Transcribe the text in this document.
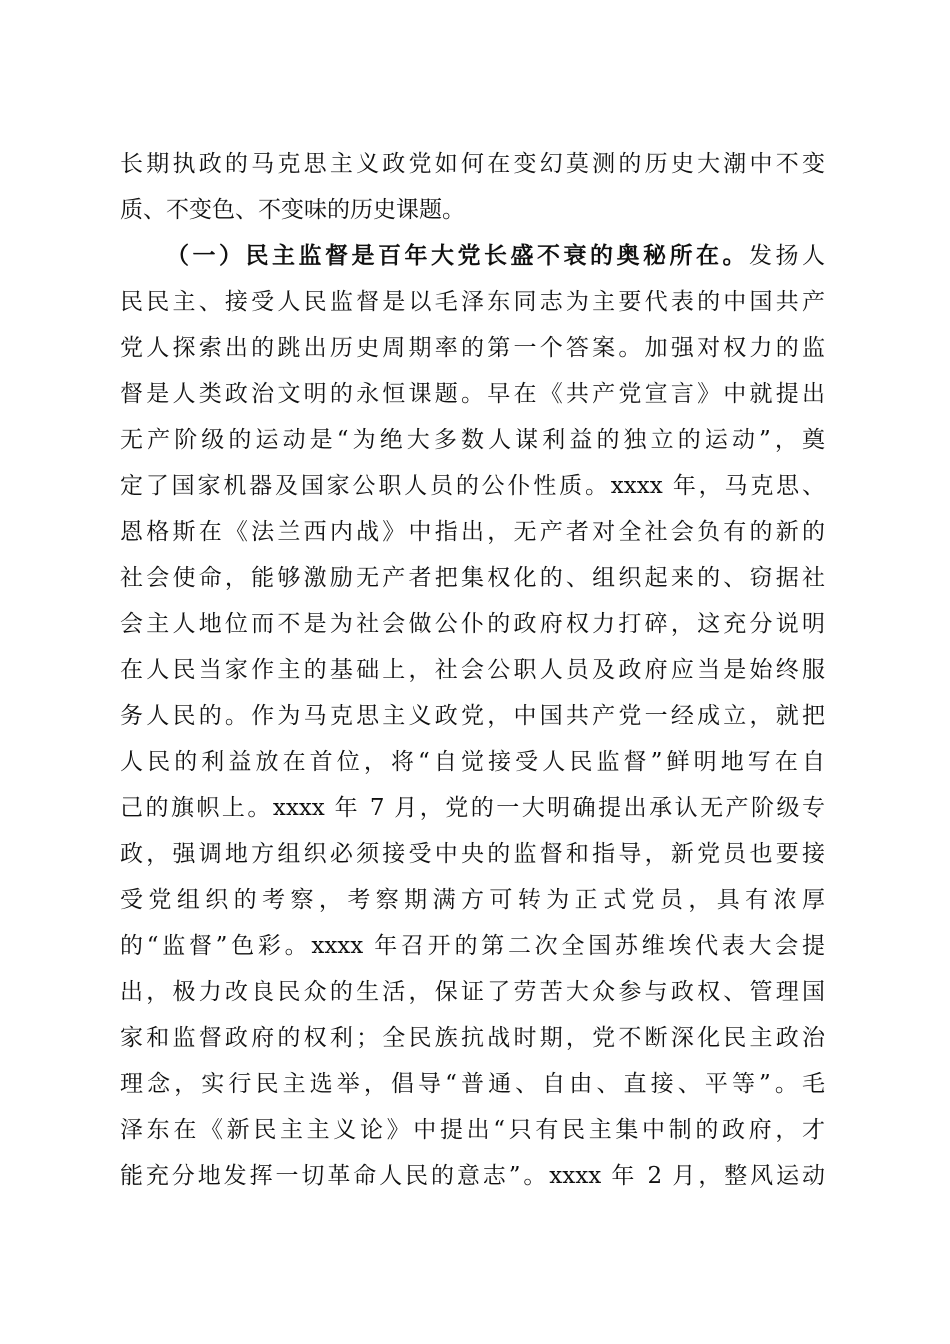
长期执政的马克思主义政党如何在变幻莫测的历史大潮中不变
质、不变色、不变味的历史课题。
（一）民主监督是百年大党长盛不衰的奥秘所在。发扬人
民民主、接受人民监督是以毛泽东同志为主要代表的中国共产
党人探索出的跳出历史周期率的第一个答案。加强对权力的监
督是人类政治文明的永恒课题。早在《共产党宣言》中就提出
无产阶级的运动是“为绝大多数人谋利益的独立的运动”，奠
定了国家机器及国家公职人员的公仆性质。xxxx 年，马克思、
恩格斯在《法兰西内战》中指出，无产者对全社会负有的新的
社会使命，能够激励无产者把集权化的、组织起来的、窃据社
会主人地位而不是为社会做公仆的政府权力打碎，这充分说明
在人民当家作主的基础上，社会公职人员及政府应当是始终服
务人民的。作为马克思主义政党，中国共产党一经成立，就把
人民的利益放在首位，将“自觉接受人民监督”鲜明地写在自
己的旗帜上。xxxx 年 7 月，党的一大明确提出承认无产阶级专
政，强调地方组织必须接受中央的监督和指导，新党员也要接
受党组织的考察，考察期满方可转为正式党员，具有浓厚
的“监督”色彩。xxxx 年召开的第二次全国苏维埃代表大会提
出，极力改良民众的生活，保证了劳苦大众参与政权、管理国
家和监督政府的权利；全民族抗战时期，党不断深化民主政治
理念，实行民主选举，倡导“普通、自由、直接、平等”。毛
泽东在《新民主主义论》中提出“只有民主集中制的政府，才
能充分地发挥一切革命人民的意志”。xxxx 年 2 月，整风运动
